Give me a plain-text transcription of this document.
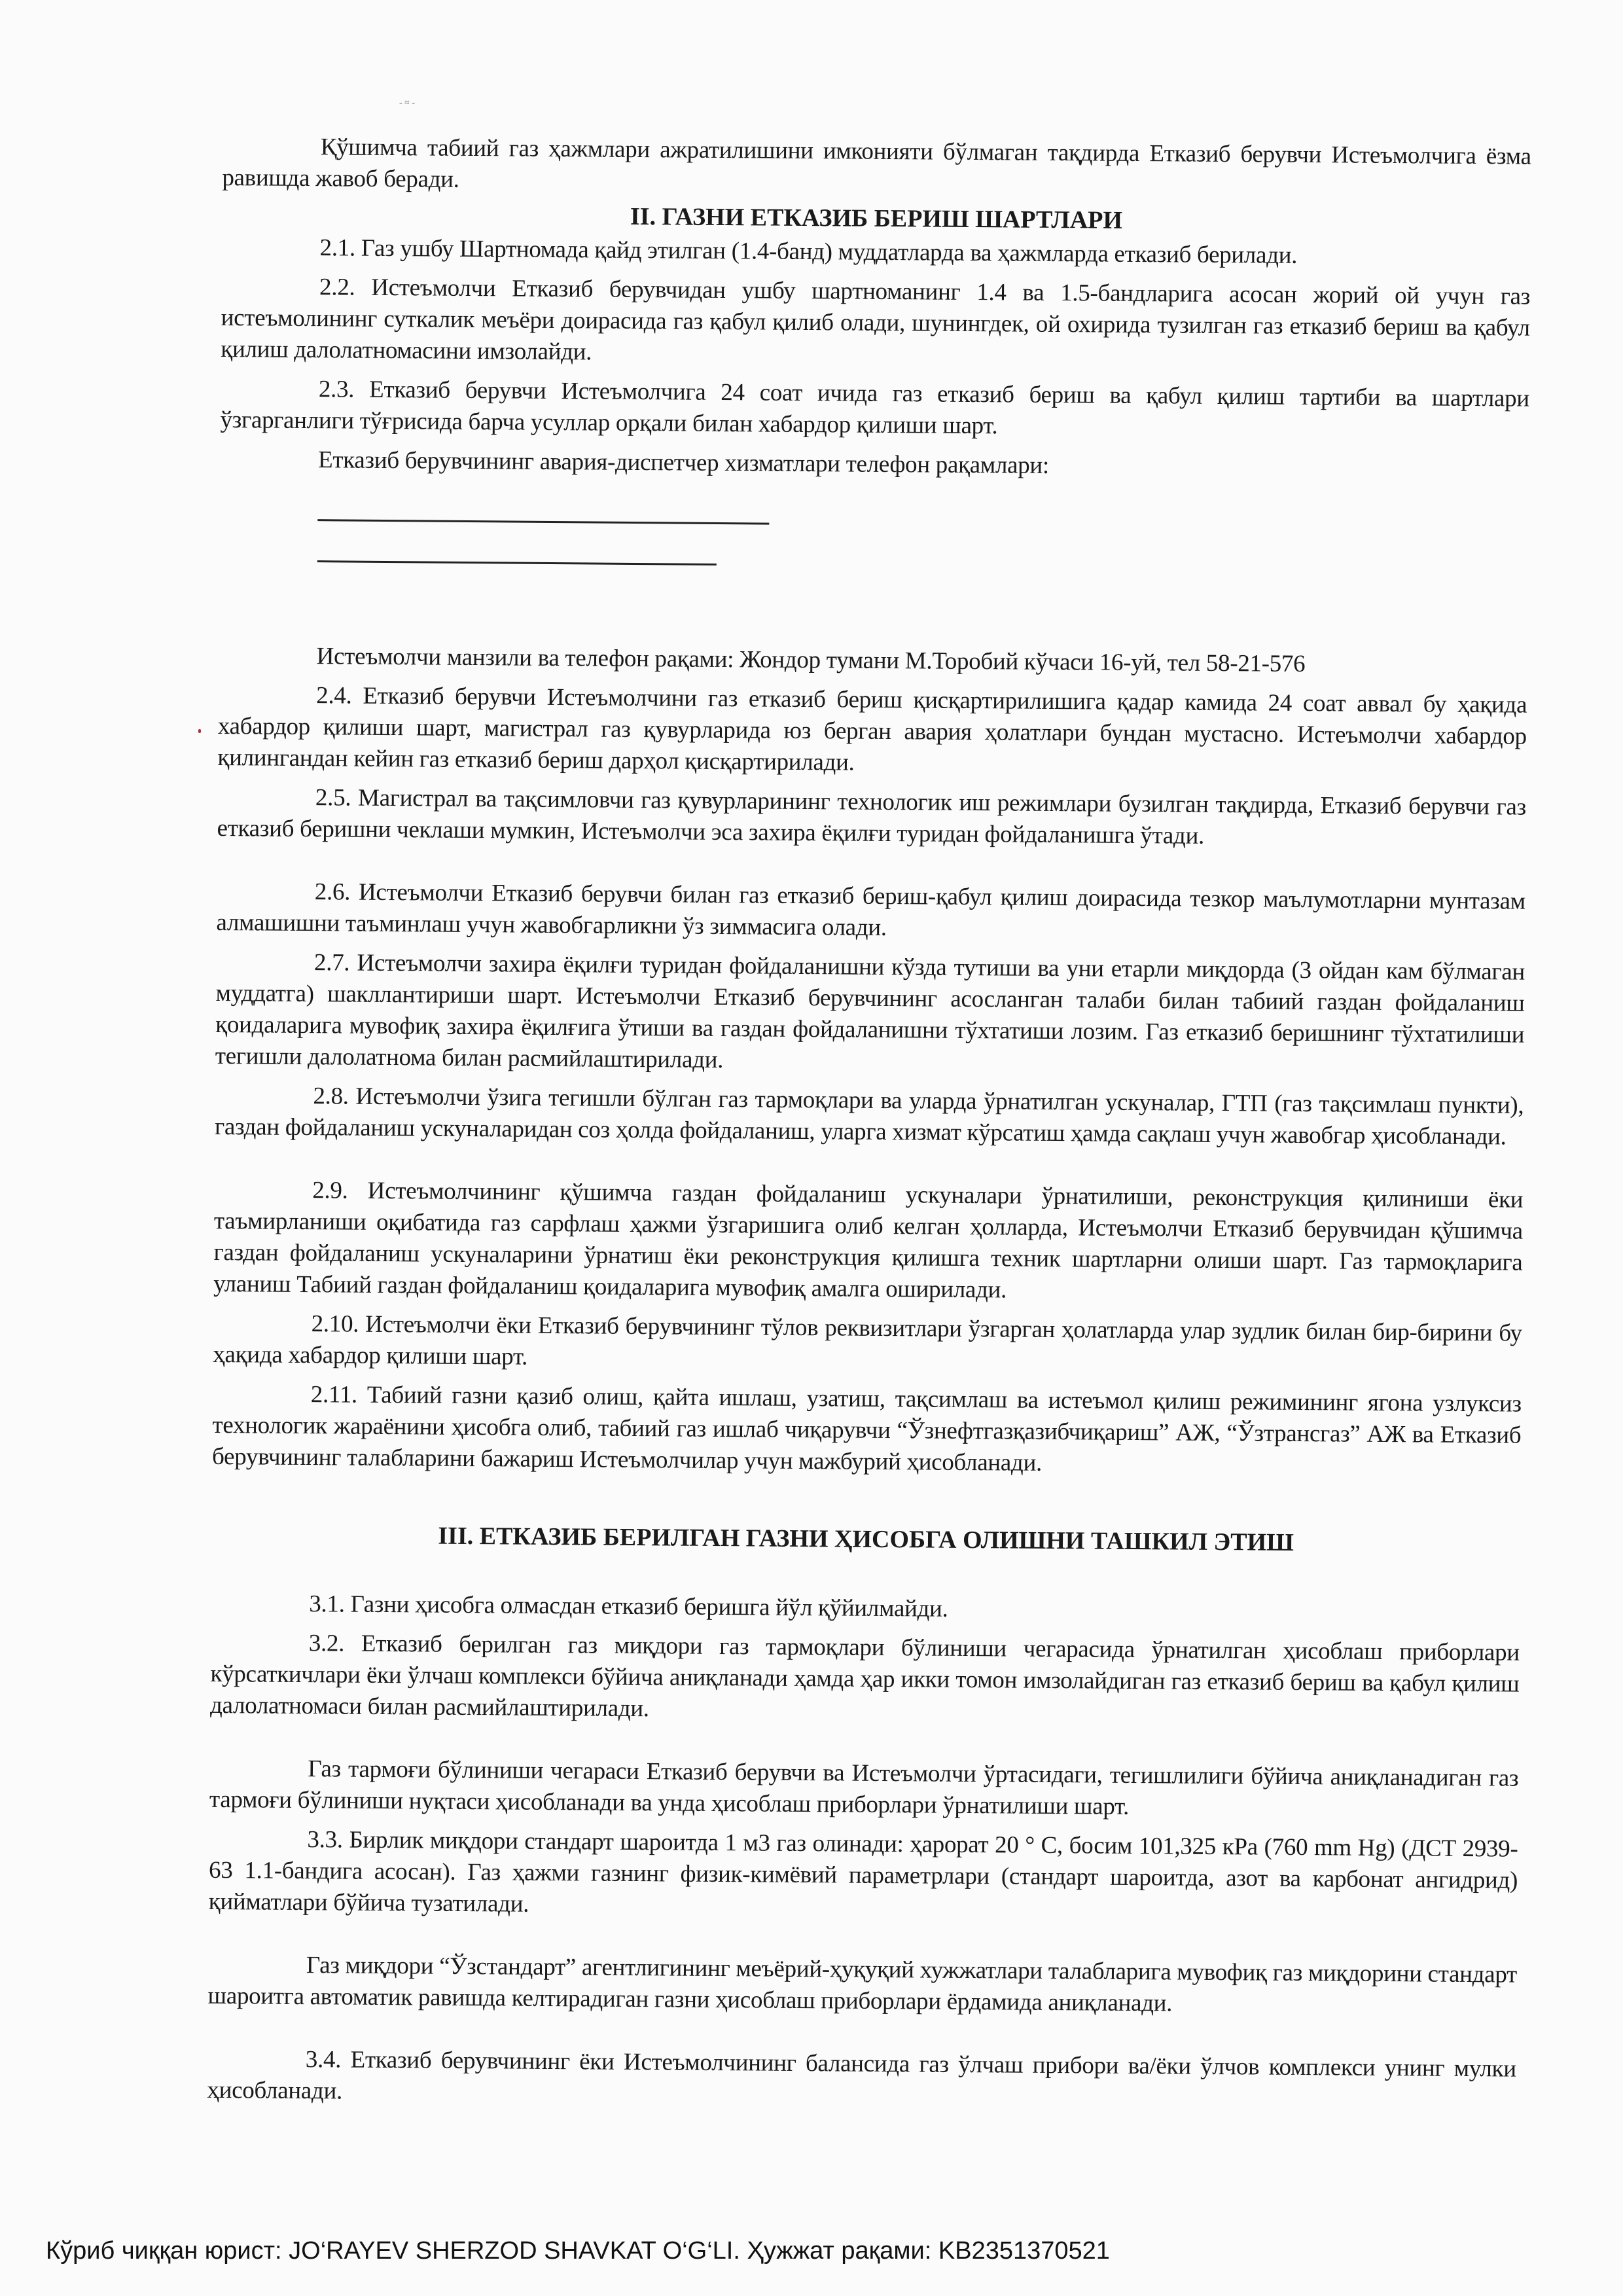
‐ ≈ ‐

Қўшимча табиий газ ҳажмлари ажратилишини имконияти бўлмаган тақдирда Етказиб берувчи Истеъмолчига ёзма равишда жавоб беради.

II. ГАЗНИ ЕТКАЗИБ БЕРИШ ШАРТЛАРИ

2.1. Газ ушбу Шартномада қайд этилган (1.4-банд) муддатларда ва ҳажмларда етказиб берилади.

2.2. Истеъмолчи Етказиб берувчидан ушбу шартноманинг 1.4 ва 1.5-бандларига асосан жорий ой учун газ истеъмолининг суткалик меъёри доирасида газ қабул қилиб олади, шунингдек, ой охирида тузилган газ етказиб бериш ва қабул қилиш далолатномасини имзолайди.

2.3. Етказиб берувчи Истеъмолчига 24 соат ичида газ етказиб бериш ва қабул қилиш тартиби ва шартлари ўзгарганлиги тўғрисида барча усуллар орқали билан хабардор қилиши шарт.

Етказиб берувчининг авария-диспетчер хизматлари телефон рақамлари:

Истеъмолчи манзили ва телефон рақами: Жондор тумани М.Торобий кўчаси 16-уй, тел 58-21-576

2.4. Етказиб берувчи Истеъмолчини газ етказиб бериш қисқартирилишига қадар камида 24 соат аввал бу ҳақида хабардор қилиши шарт, магистрал газ қувурларида юз берган авария ҳолатлари бундан мустасно. Истеъмолчи хабардор қилингандан кейин газ етказиб бериш дарҳол қисқартирилади.

2.5. Магистрал ва тақсимловчи газ қувурларининг технологик иш режимлари бузилган тақдирда, Етказиб берувчи газ етказиб беришни чеклаши мумкин, Истеъмолчи эса захира ёқилғи туридан фойдаланишга ўтади.

2.6. Истеъмолчи Етказиб берувчи билан газ етказиб бериш-қабул қилиш доирасида тезкор маълумотларни мунтазам алмашишни таъминлаш учун жавобгарликни ўз зиммасига олади.

2.7. Истеъмолчи захира ёқилғи туридан фойдаланишни кўзда тутиши ва уни етарли миқдорда (3 ойдан кам бўлмаган муддатга) шакллантириши шарт. Истеъмолчи Етказиб берувчининг асосланган талаби билан табиий газдан фойдаланиш қоидаларига мувофиқ захира ёқилғига ўтиши ва газдан фойдаланишни тўхтатиши лозим. Газ етказиб беришнинг тўхтатилиши тегишли далолатнома билан расмийлаштирилади.

2.8. Истеъмолчи ўзига тегишли бўлган газ тармоқлари ва уларда ўрнатилган ускуналар, ГТП (газ тақсимлаш пункти), газдан фойдаланиш ускуналаридан соз ҳолда фойдаланиш, уларга хизмат кўрсатиш ҳамда сақлаш учун жавобгар ҳисобланади.

2.9. Истеъмолчининг қўшимча газдан фойдаланиш ускуналари ўрнатилиши, реконструкция қилиниши ёки таъмирланиши оқибатида газ сарфлаш ҳажми ўзгаришига олиб келган ҳолларда, Истеъмолчи Етказиб берувчидан қўшимча газдан фойдаланиш ускуналарини ўрнатиш ёки реконструкция қилишга техник шартларни олиши шарт. Газ тармоқларига уланиш Табиий газдан фойдаланиш қоидаларига мувофиқ амалга оширилади.

2.10. Истеъмолчи ёки Етказиб берувчининг тўлов реквизитлари ўзгарган ҳолатларда улар зудлик билан бир-бирини бу ҳақида хабардор қилиши шарт.

2.11. Табиий газни қазиб олиш, қайта ишлаш, узатиш, тақсимлаш ва истеъмол қилиш режимининг ягона узлуксиз технологик жараёнини ҳисобга олиб, табиий газ ишлаб чиқарувчи “Ўзнефтгазқазибчиқариш” АЖ, “Ўзтрансгаз” АЖ ва Етказиб берувчининг талабларини бажариш Истеъмолчилар учун мажбурий ҳисобланади.

III. ЕТКАЗИБ БЕРИЛГАН ГАЗНИ ҲИСОБГА ОЛИШНИ ТАШКИЛ ЭТИШ

3.1. Газни ҳисобга олмасдан етказиб беришга йўл қўйилмайди.

3.2. Етказиб берилган газ миқдори газ тармоқлари бўлиниши чегарасида ўрнатилган ҳисоблаш приборлари кўрсаткичлари ёки ўлчаш комплекси бўйича аниқланади ҳамда ҳар икки томон имзолайдиган газ етказиб бериш ва қабул қилиш далолатномаси билан расмийлаштирилади.

Газ тармоғи бўлиниши чегараси Етказиб берувчи ва Истеъмолчи ўртасидаги, тегишлилиги бўйича аниқланадиган газ тармоғи бўлиниши нуқтаси ҳисобланади ва унда ҳисоблаш приборлари ўрнатилиши шарт.

3.3. Бирлик миқдори стандарт шароитда 1 м3 газ олинади: ҳарорат 20 ° С, босим 101,325 кРа (760 mm Hg) (ДСТ 2939-63 1.1-бандига асосан). Газ ҳажми газнинг физик-кимёвий параметрлари (стандарт шароитда, азот ва карбонат ангидрид) қийматлари бўйича тузатилади.

Газ миқдори “Ўзстандарт” агентлигининг меъёрий-ҳуқуқий хужжатлари талабларига мувофиқ газ миқдорини стандарт шароитга автоматик равишда келтирадиган газни ҳисоблаш приборлари ёрдамида аниқланади.

3.4. Етказиб берувчининг ёки Истеъмолчининг балансида газ ўлчаш прибори ва/ёки ўлчов комплекси унинг мулки ҳисобланади.

Кўриб чиққан юрист: JO‘RAYEV SHERZOD SHAVKAT O‘G‘LI. Ҳужжат рақами: KB2351370521
